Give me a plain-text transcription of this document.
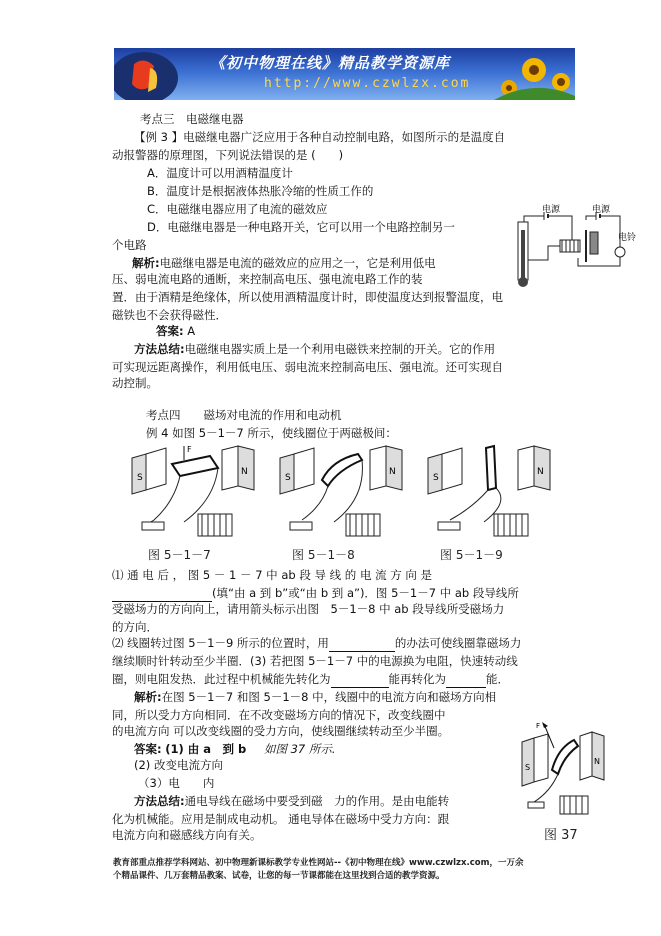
《初中物理在线》精品教学资源库
http://www.czwlzx.com
考点三　电磁继电器
【例 3 】电磁继电器广泛应用于各种自动控制电路，如图所示的是温度自
动报警器的原理图，下列说法错误的是 (　　)
A．温度计可以用酒精温度计
B．温度计是根据液体热胀冷缩的性质工作的
C．电磁继电器应用了电流的磁效应
D．电磁继电器是一种电路开关，它可以用一个电路控制另一
个电路
电源	电源
电铃
解析:电磁继电器是电流的磁效应的应用之一，它是利用低电
压、弱电流电路的通断，来控制高电压、强电流电路工作的装
置．由于酒精是绝缘体，所以使用酒精温度计时，即使温度达到报警温度，电
磁铁也不会获得磁性．
答案: A
方法总结:电磁继电器实质上是一个利用电磁铁来控制的开关。它的作用
可实现远距离操作，利用低电压、弱电流来控制高电压、强电流。还可实现自
动控制。
考点四　　磁场对电流的作用和电动机
例 4 如图 5－1－7 所示，使线圈位于两磁极间：
S
N
F
S
N
S
N
图 5－1－7	图 5－1－8	图 5－1－9
⑴ 通 电 后 ， 图 5 － 1 － 7 中 ab 段 导 线 的 电 流 方 向 是
(填“由 a 到 b”或“由 b 到 a”)．图 5－1－7 中 ab 段导线所
受磁场力的方向向上，请用箭头标示出图　5－1－8 中 ab 段导线所受磁场力
的方向．
⑵ 线圈转过图 5－1－9 所示的位置时，用	的办法可使线圈靠磁场力
继续顺时针转动至少半圈．(3) 若把图 5－1－7 中的电源换为电阻，快速转动线
圈，则电阻发热．此过程中机械能先转化为	能再转化为	能．
解析:在图 5－1－7 和图 5－1－8 中，线圈中的电流方向和磁场方向相
同，所以受力方向相同．在不改变磁场方向的情况下，改变线圈中
的电流方向 可以改变线圈的受力方向，使线圈继续转动至少半圈。
答案: (1) 由 a　到 b 如图 37 所示.
(2) 改变电流方向
（3）电　　内
方法总结:通电导线在磁场中要受到磁　力的作用。是由电能转
化为机械能。应用是制成电动机。 通电导体在磁场中受力方向：跟
电流方向和磁感线方向有关。
S
N
F
图 37
教育部重点推荐学科网站、初中物理新课标教学专业性网站--《初中物理在线》www.czwlzx.com，一万余
个精品课件、几万套精品教案、试卷，让您的每一节课都能在这里找到合适的教学资源。
